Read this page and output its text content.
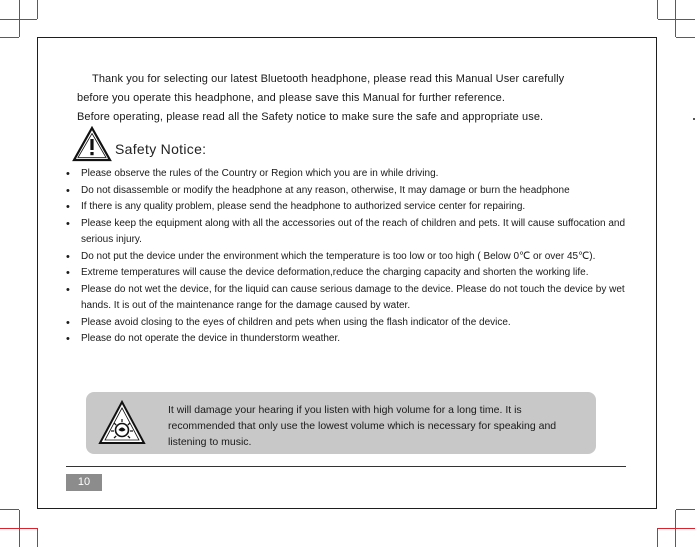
Thank you for selecting our latest Bluetooth headphone, please read this Manual User carefully

before you operate this headphone, and please save this Manual for further reference.

Before operating, please read all the Safety notice to make sure the safe and appropriate use.

Safety Notice:
• Please observe the rules of the Country or Region which you are in while driving.
• Do not disassemble or modify the headphone at any reason, otherwise, It may damage or burn the headphone
• If there is any quality problem, please send the headphone to authorized service center for repairing.
• Please keep the equipment along with all the accessories out of the reach of children and pets. It will cause suffocation and serious injury.
• Do not put the device under the environment which the temperature is too low or too high ( Below 0℃ or over 45℃).
• Extreme temperatures will cause the device deformation,reduce the charging capacity and shorten the working life.
• Please do not wet the device, for the liquid can cause serious damage to the device. Please do not touch the device by wet hands. It is out of the maintenance range for the damage caused by water.
• Please avoid closing to the eyes of children and pets when using the flash indicator of the device.
• Please do not operate the device in thunderstorm weather.
It will damage your hearing if you listen with high volume for a long time. It is recommended that only use the lowest volume which is necessary for speaking and listening to music.
10
